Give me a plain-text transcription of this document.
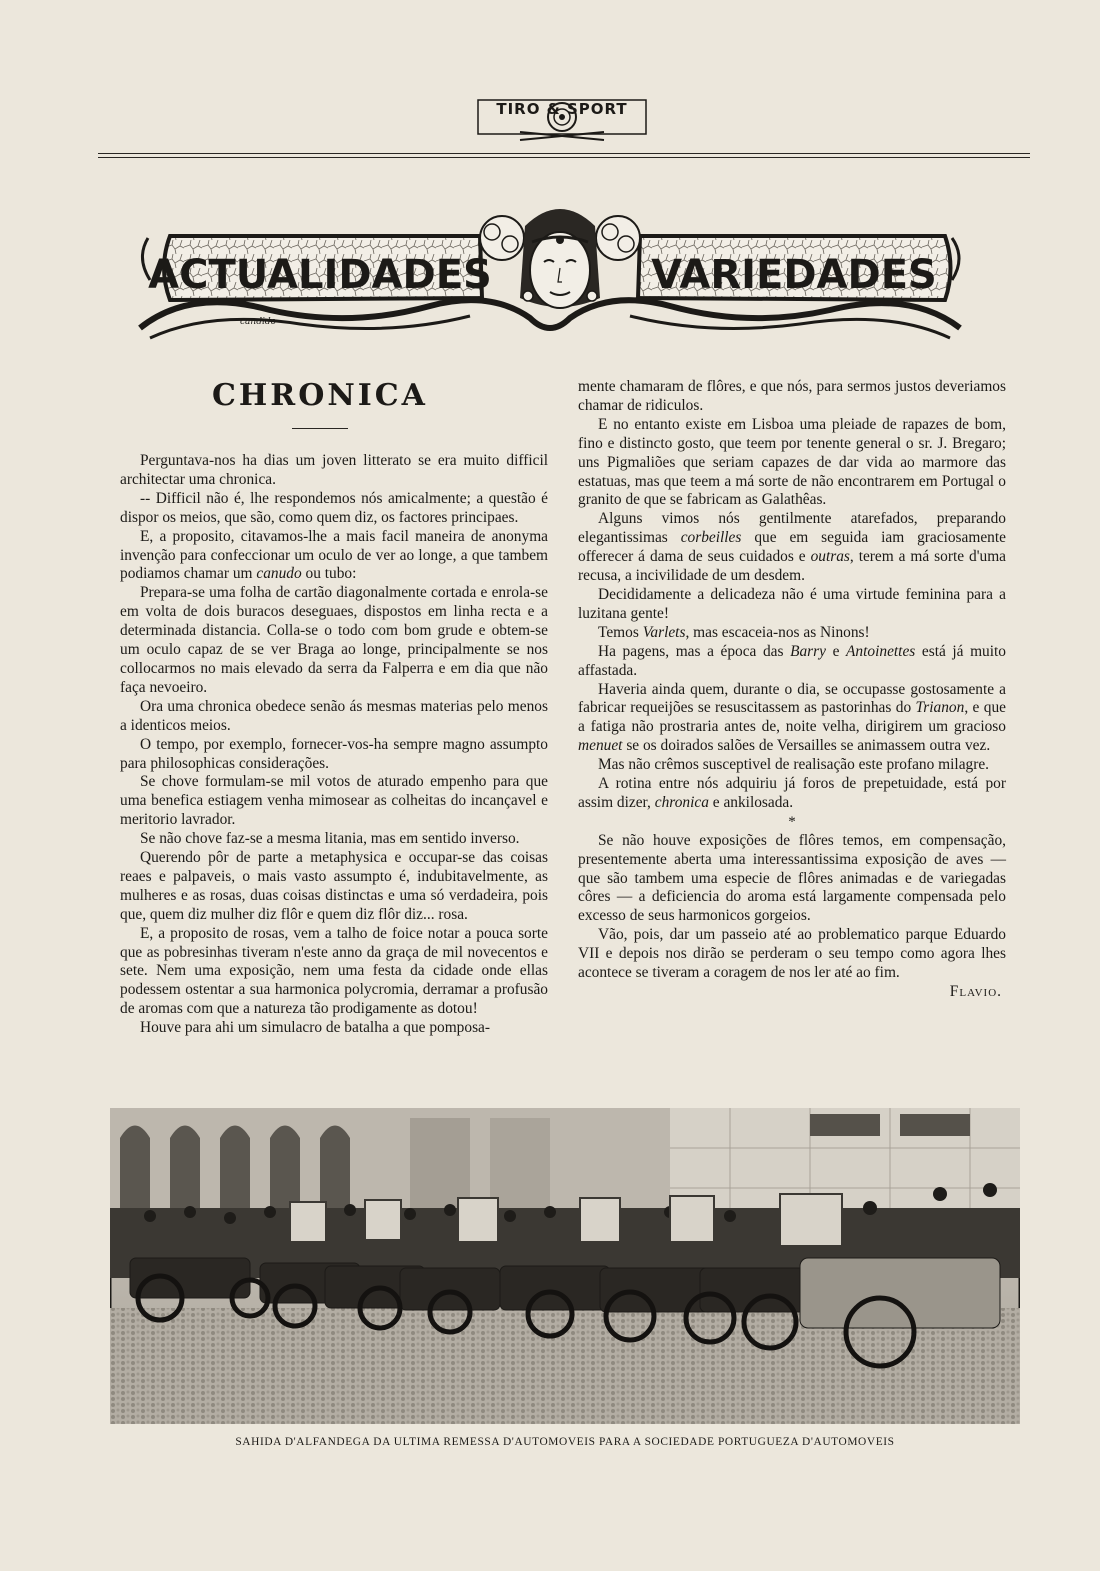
ACTUALIDADES	VARIEDADES
candido
TIRO & SPORT
CHRONICA

Perguntava-nos ha dias um joven litterato se era muito difficil architectar uma chronica.

-- Difficil não é, lhe respondemos nós amicalmente; a questão é dispor os meios, que são, como quem diz, os factores principaes.

E, a proposito, citavamos-lhe a mais facil maneira de anonyma invenção para confeccionar um oculo de ver ao longe, a que tambem podiamos chamar um canudo ou tubo:

Prepara-se uma folha de cartão diagonalmente cortada e enrola-se em volta de dois buracos desegu​aes, dispostos em linha recta e a determinada distancia. Colla-se o todo com bom grude e obtem-se um oculo capaz de se ver Braga ao longe, principalmente se nos collocarmos no mais elevado da serra da Falperra e em dia que não faça nevoeiro.

Ora uma chronica obedece senão ás mesmas materias pelo menos a identicos meios.

O tempo, por exemplo, fornecer-vos-ha sempre magno assumpto para philosophicas considerações.

Se chove formulam-se mil votos de aturado empenho para que uma benefica estiagem venha mimosear as colheitas do incançavel e meritorio lavrador.

Se não chove faz-se a mesma litania, mas em sentido inverso.

Querendo pôr de parte a metaphysica e occupar-se das coisas reaes e palpaveis, o mais vasto assumpto é, indubitavelmente, as mulheres e as rosas, duas coisas distinctas e uma só verdadeira, pois que, quem diz mulher diz flôr e quem diz flôr diz... rosa.

E, a proposito de rosas, vem a talho de foice notar a pouca sorte que as pobresinhas tiveram n'este anno da graça de mil novecentos e sete. Nem uma exposição, nem uma festa da cidade onde ellas podessem ostentar a sua harmonica polycromia, derramar a profusão de aromas com que a natureza tão prodigamente as dotou!

Houve para ahi um simulacro de batalha a que pomposa-

mente chamaram de flôres, e que nós, para sermos justos deveriamos chamar de ridiculos.

E no entanto existe em Lisboa uma pleiade de rapazes de bom, fino e distincto gosto, que teem por tenente general o sr. J. Bregaro; uns Pigmaliões que seriam capazes de dar vida ao marmore das estatuas, mas que teem a má sorte de não encontrarem em Portugal o granito de que se fabricam as Galathêas.

Alguns vimos nós gentilmente atarefados, preparando elegantissimas corbeilles que em seguida iam graciosamente offerecer á dama de seus cuidados e outras, terem a má sorte d'uma recusa, a incivilidade de um desdem.

Decididamente a delicadeza não é uma virtude feminina para a luzitana gente!

Temos Varlets, mas escaceia-nos as Ninons!

Ha pagens, mas a época das Barry e Antoinettes está já muito affastada.

Haveria ainda quem, durante o dia, se occupasse gostosamente a fabricar requeijões se resuscitassem as pastorinhas do Trianon, e que a fatiga não prostraria antes de, noite velha, dirigirem um gracioso menuet se os doirados salões de Versailles se animassem outra vez.

Mas não crêmos susceptivel de realisação este profano milagre.

A rotina entre nós adquiriu já foros de prepetuidade, está por assim dizer, chronica e ankilosada.

*

Se não houve exposições de flôres temos, em compensação, presentemente aberta uma interessantissima exposição de aves — que são tambem uma especie de flôres animadas e de variegadas côres — a deficiencia do aroma está largamente compensada pelo excesso de seus harmonicos gorgeios.

Vão, pois, dar um passeio até ao problematico parque Eduardo VII e depois nos dirão se perderam o seu tempo como agora lhes acontece se tiveram a coragem de nos ler até ao fim.

Flavio.

SAHIDA D'ALFANDEGA DA ULTIMA REMESSA D'AUTOMOVEIS PARA A SOCIEDADE PORTUGUEZA D'AUTOMOVEIS
